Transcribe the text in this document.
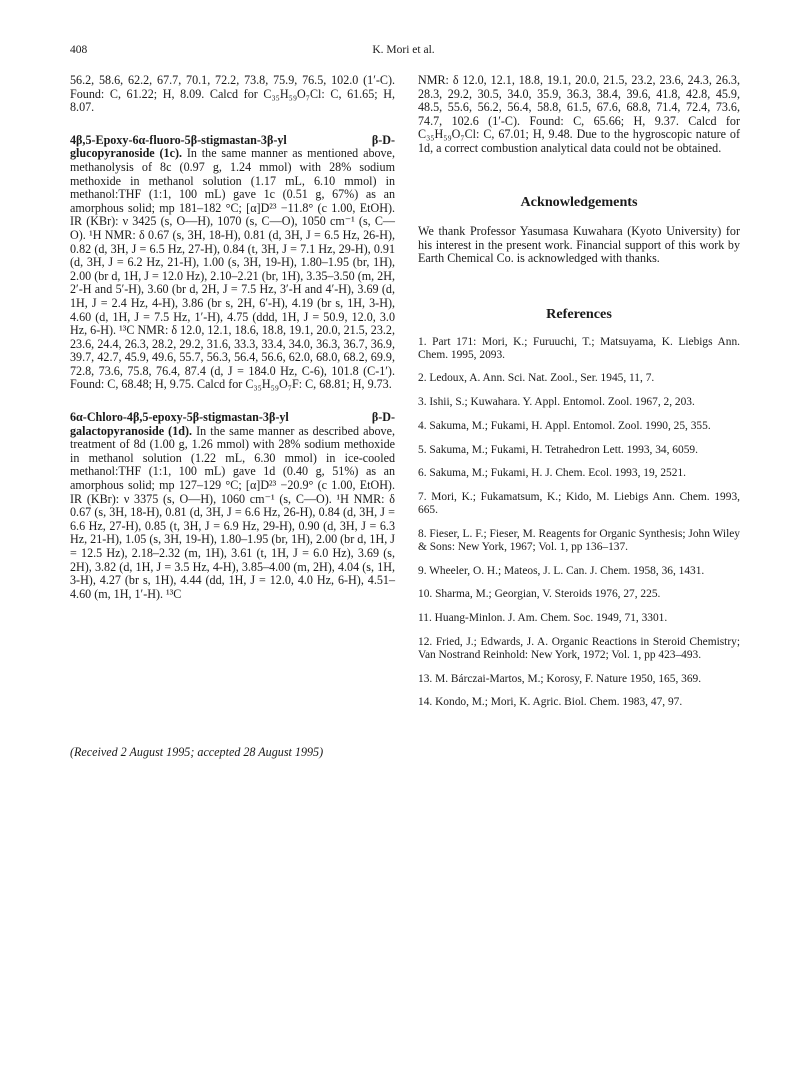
408	K. Mori et al.

56.2, 58.6, 62.2, 67.7, 70.1, 72.2, 73.8, 75.9, 76.5, 102.0 (1′-C). Found: C, 61.22; H, 8.09. Calcd for C₃₅H₅₉O₇Cl: C, 61.65; H, 8.07.

4β,5-Epoxy-6α-fluoro-5β-stigmastan-3β-yl β-D-glucopyranoside (1c). In the same manner as mentioned above, methanolysis of 8c (0.97 g, 1.24 mmol) with 28% sodium methoxide in methanol solution (1.17 mL, 6.10 mmol) in methanol:THF (1:1, 100 mL) gave 1c (0.51 g, 67%) as an amorphous solid; mp 181–182 °C; [α]D²³ −11.8° (c 1.00, EtOH). IR (KBr): ν 3425 (s, O—H), 1070 (s, C—O), 1050 cm⁻¹ (s, C—O). ¹H NMR: δ 0.67 (s, 3H, 18-H), 0.81 (d, 3H, J = 6.5 Hz, 26-H), 0.82 (d, 3H, J = 6.5 Hz, 27-H), 0.84 (t, 3H, J = 7.1 Hz, 29-H), 0.91 (d, 3H, J = 6.2 Hz, 21-H), 1.00 (s, 3H, 19-H), 1.80–1.95 (br, 1H), 2.00 (br d, 1H, J = 12.0 Hz), 2.10–2.21 (br, 1H), 3.35–3.50 (m, 2H, 2′-H and 5′-H), 3.60 (br d, 2H, J = 7.5 Hz, 3′-H and 4′-H), 3.69 (d, 1H, J = 2.4 Hz, 4-H), 3.86 (br s, 2H, 6′-H), 4.19 (br s, 1H, 3-H), 4.60 (d, 1H, J = 7.5 Hz, 1′-H), 4.75 (ddd, 1H, J = 50.9, 12.0, 3.0 Hz, 6-H). ¹³C NMR: δ 12.0, 12.1, 18.6, 18.8, 19.1, 20.0, 21.5, 23.2, 23.6, 24.4, 26.3, 28.2, 29.2, 31.6, 33.3, 33.4, 34.0, 36.3, 36.7, 36.9, 39.7, 42.7, 45.9, 49.6, 55.7, 56.3, 56.4, 56.6, 62.0, 68.0, 68.2, 69.9, 72.8, 73.6, 75.8, 76.4, 87.4 (d, J = 184.0 Hz, C-6), 101.8 (C-1′). Found: C, 68.48; H, 9.75. Calcd for C₃₅H₅₉O₇F: C, 68.81; H, 9.73.

6α-Chloro-4β,5-epoxy-5β-stigmastan-3β-yl β-D-galactopyranoside (1d). In the same manner as described above, treatment of 8d (1.00 g, 1.26 mmol) with 28% sodium methoxide in methanol solution (1.22 mL, 6.30 mmol) in ice-cooled methanol:THF (1:1, 100 mL) gave 1d (0.40 g, 51%) as an amorphous solid; mp 127–129 °C; [α]D²³ −20.9° (c 1.00, EtOH). IR (KBr): ν 3375 (s, O—H), 1060 cm⁻¹ (s, C—O). ¹H NMR: δ 0.67 (s, 3H, 18-H), 0.81 (d, 3H, J = 6.6 Hz, 26-H), 0.84 (d, 3H, J = 6.6 Hz, 27-H), 0.85 (t, 3H, J = 6.9 Hz, 29-H), 0.90 (d, 3H, J = 6.3 Hz, 21-H), 1.05 (s, 3H, 19-H), 1.80–1.95 (br, 1H), 2.00 (br d, 1H, J = 12.5 Hz), 2.18–2.32 (m, 1H), 3.61 (t, 1H, J = 6.0 Hz), 3.69 (s, 2H), 3.82 (d, 1H, J = 3.5 Hz, 4-H), 3.85–4.00 (m, 2H), 4.04 (s, 1H, 3-H), 4.27 (br s, 1H), 4.44 (dd, 1H, J = 12.0, 4.0 Hz, 6-H), 4.51–4.60 (m, 1H, 1′-H). ¹³C

NMR: δ 12.0, 12.1, 18.8, 19.1, 20.0, 21.5, 23.2, 23.6, 24.3, 26.3, 28.3, 29.2, 30.5, 34.0, 35.9, 36.3, 38.4, 39.6, 41.8, 42.8, 45.9, 48.5, 55.6, 56.2, 56.4, 58.8, 61.5, 67.6, 68.8, 71.4, 72.4, 73.6, 74.7, 102.6 (1′-C). Found: C, 65.66; H, 9.37. Calcd for C₃₅H₅₉O₇Cl: C, 67.01; H, 9.48. Due to the hygroscopic nature of 1d, a correct combustion analytical data could not be obtained.

Acknowledgements

We thank Professor Yasumasa Kuwahara (Kyoto University) for his interest in the present work. Financial support of this work by Earth Chemical Co. is acknowledged with thanks.

References
1. Part 171: Mori, K.; Furuuchi, T.; Matsuyama, K. Liebigs Ann. Chem. 1995, 2093.
2. Ledoux, A. Ann. Sci. Nat. Zool., Ser. 1945, 11, 7.
3. Ishii, S.; Kuwahara. Y. Appl. Entomol. Zool. 1967, 2, 203.
4. Sakuma, M.; Fukami, H. Appl. Entomol. Zool. 1990, 25, 355.
5. Sakuma, M.; Fukami, H. Tetrahedron Lett. 1993, 34, 6059.
6. Sakuma, M.; Fukami, H. J. Chem. Ecol. 1993, 19, 2521.
7. Mori, K.; Fukamatsum, K.; Kido, M. Liebigs Ann. Chem. 1993, 665.
8. Fieser, L. F.; Fieser, M. Reagents for Organic Synthesis; John Wiley & Sons: New York, 1967; Vol. 1, pp 136–137.
9. Wheeler, O. H.; Mateos, J. L. Can. J. Chem. 1958, 36, 1431.
10. Sharma, M.; Georgian, V. Steroids 1976, 27, 225.
11. Huang-Minlon. J. Am. Chem. Soc. 1949, 71, 3301.
12. Fried, J.; Edwards, J. A. Organic Reactions in Steroid Chemistry; Van Nostrand Reinhold: New York, 1972; Vol. 1, pp 423–493.
13. M. Bárczai-Martos, M.; Korosy, F. Nature 1950, 165, 369.
14. Kondo, M.; Mori, K. Agric. Biol. Chem. 1983, 47, 97.
(Received 2 August 1995; accepted 28 August 1995)
